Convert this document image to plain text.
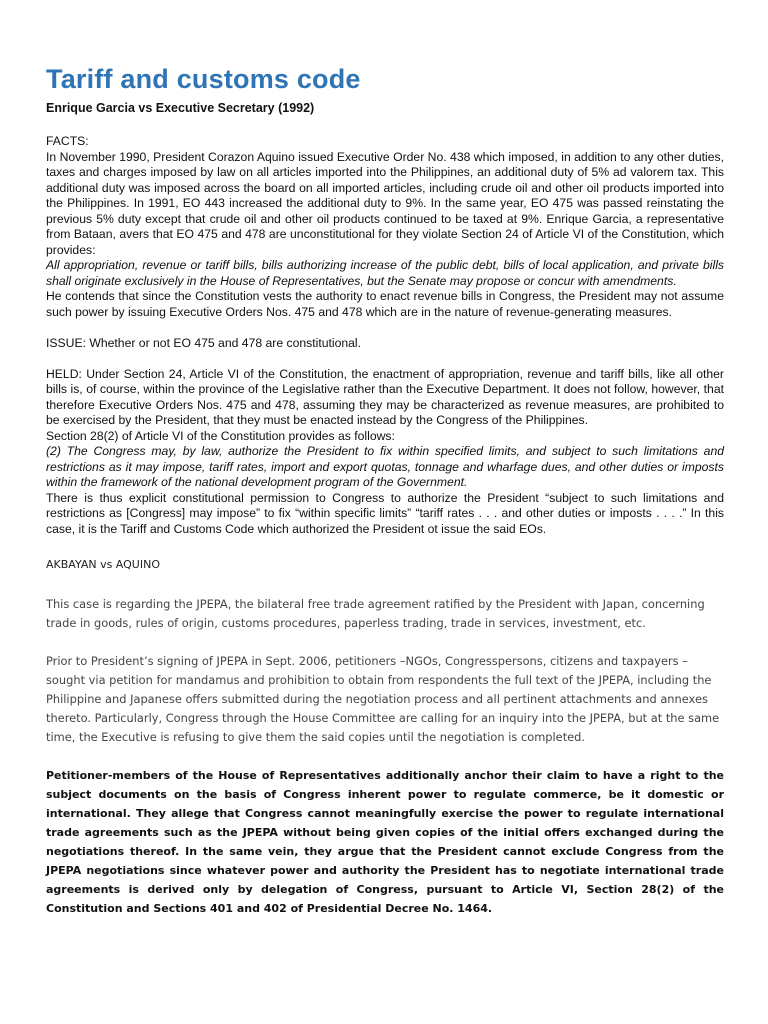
Tariff and customs code

Enrique Garcia vs Executive Secretary (1992)

FACTS:

In November 1990, President Corazon Aquino issued Executive Order No. 438 which imposed, in addition to any other duties, taxes and charges imposed by law on all articles imported into the Philippines, an additional duty of 5% ad valorem tax. This additional duty was imposed across the board on all imported articles, including crude oil and other oil products imported into the Philippines. In 1991, EO 443 increased the additional duty to 9%. In the same year, EO 475 was passed reinstating the previous 5% duty except that crude oil and other oil products continued to be taxed at 9%. Enrique Garcia, a representative from Bataan, avers that EO 475 and 478 are unconstitutional for they violate Section 24 of Article VI of the Constitution, which provides:

All appropriation, revenue or tariff bills, bills authorizing increase of the public debt, bills of local application, and private bills shall originate exclusively in the House of Representatives, but the Senate may propose or concur with amendments.

He contends that since the Constitution vests the authority to enact revenue bills in Congress, the President may not assume such power by issuing Executive Orders Nos. 475 and 478 which are in the nature of revenue-generating measures.

ISSUE: Whether or not EO 475 and 478 are constitutional.

HELD: Under Section 24, Article VI of the Constitution, the enactment of appropriation, revenue and tariff bills, like all other bills is, of course, within the province of the Legislative rather than the Executive Department. It does not follow, however, that therefore Executive Orders Nos. 475 and 478, assuming they may be characterized as revenue measures, are prohibited to be exercised by the President, that they must be enacted instead by the Congress of the Philippines.

Section 28(2) of Article VI of the Constitution provides as follows:

(2) The Congress may, by law, authorize the President to fix within specified limits, and subject to such limitations and restrictions as it may impose, tariff rates, import and export quotas, tonnage and wharfage dues, and other duties or imposts within the framework of the national development program of the Government.

There is thus explicit constitutional permission to Congress to authorize the President “subject to such limitations and restrictions as [Congress] may impose” to fix “within specific limits” “tariff rates . . . and other duties or imposts . . . .” In this case, it is the Tariff and Customs Code which authorized the President ot issue the said EOs.

AKBAYAN vs AQUINO

This case is regarding the JPEPA, the bilateral free trade agreement ratified by the President with Japan, concerning trade in goods, rules of origin, customs procedures, paperless trading, trade in services, investment, etc.

Prior to President’s signing of JPEPA in Sept. 2006, petitioners –NGOs, Congresspersons, citizens and taxpayers – sought via petition for mandamus and prohibition to obtain from respondents the full text of the JPEPA, including the Philippine and Japanese offers submitted during the negotiation process and all pertinent attachments and annexes thereto. Particularly, Congress through the House Committee are calling for an inquiry into the JPEPA, but at the same time, the Executive is refusing to give them the said copies until the negotiation is completed.

Petitioner-members of the House of Representatives additionally anchor their claim to have a right to the subject documents on the basis of Congress inherent power to regulate commerce, be it domestic or international. They allege that Congress cannot meaningfully exercise the power to regulate international trade agreements such as the JPEPA without being given copies of the initial offers exchanged during the negotiations thereof. In the same vein, they argue that the President cannot exclude Congress from the JPEPA negotiations since whatever power and authority the President has to negotiate international trade agreements is derived only by delegation of Congress, pursuant to Article VI, Section 28(2) of the Constitution and Sections 401 and 402 of Presidential Decree No. 1464.
